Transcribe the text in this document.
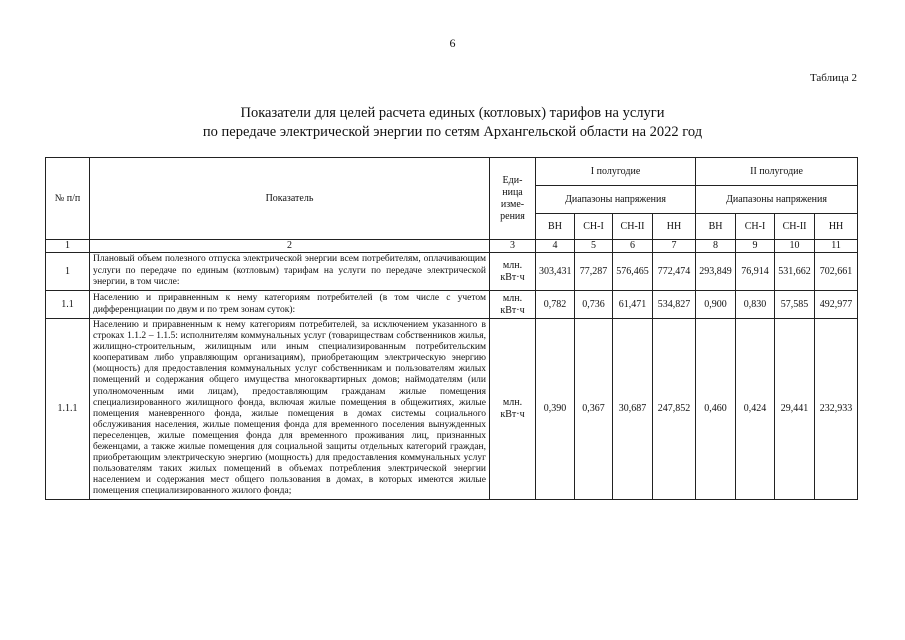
6
Таблица 2
Показатели для целей расчета единых (котловых) тарифов на услуги
по передаче электрической энергии по сетям Архангельской области на 2022 год
№ п/п	Показатель	Еди-ница изме-рения	I полугодие				II полугодие			
			Диапазоны напряжения				Диапазоны напряжения			
			ВН	СН-I	СН-II	НН	ВН	СН-I	СН-II	НН
1	2	3	4	5	6	7	8	9	10	11
1	Плановый объем полезного отпуска электрической энергии всем потребителям, оплачивающим услуги по передаче по единым (котловым) тарифам на услуги по передаче электрической энергии, в том числе:	млн. кВт·ч	303,431	77,287	576,465	772,474	293,849	76,914	531,662	702,661
1.1	Населению и приравненным к нему категориям потребителей (в том числе с учетом дифференциации по двум и по трем зонам суток):	млн. кВт·ч	0,782	0,736	61,471	534,827	0,900	0,830	57,585	492,977
1.1.1	Населению и приравненным к нему категориям потребителей, за исключением указанного в строках 1.1.2 – 1.1.5: исполнителям коммунальных услуг (товариществам собственников жилья, жилищно-строительным, жилищным или иным специализированным потребительским кооперативам либо управляющим организациям), приобретающим электрическую энергию (мощность) для предоставления коммунальных услуг собственникам и пользователям жилых помещений и содержания общего имущества многоквартирных домов; наймодателям (или уполномоченным ими лицам), предоставляющим гражданам жилые помещения специализированного жилищного фонда, включая жилые помещения в общежитиях, жилые помещения маневренного фонда, жилые помещения в домах системы социального обслуживания населения, жилые помещения фонда для временного поселения вынужденных переселенцев, жилые помещения фонда для временного проживания лиц, признанных беженцами, а также жилые помещения для социальной защиты отдельных категорий граждан, приобретающим электрическую энергию (мощность) для предоставления коммунальных услуг пользователям таких жилых помещений в объемах потребления электрической энергии населением и содержания мест общего пользования в домах, в которых имеются жилые помещения специализированного жилого фонда;	млн. кВт·ч	0,390	0,367	30,687	247,852	0,460	0,424	29,441	232,933
